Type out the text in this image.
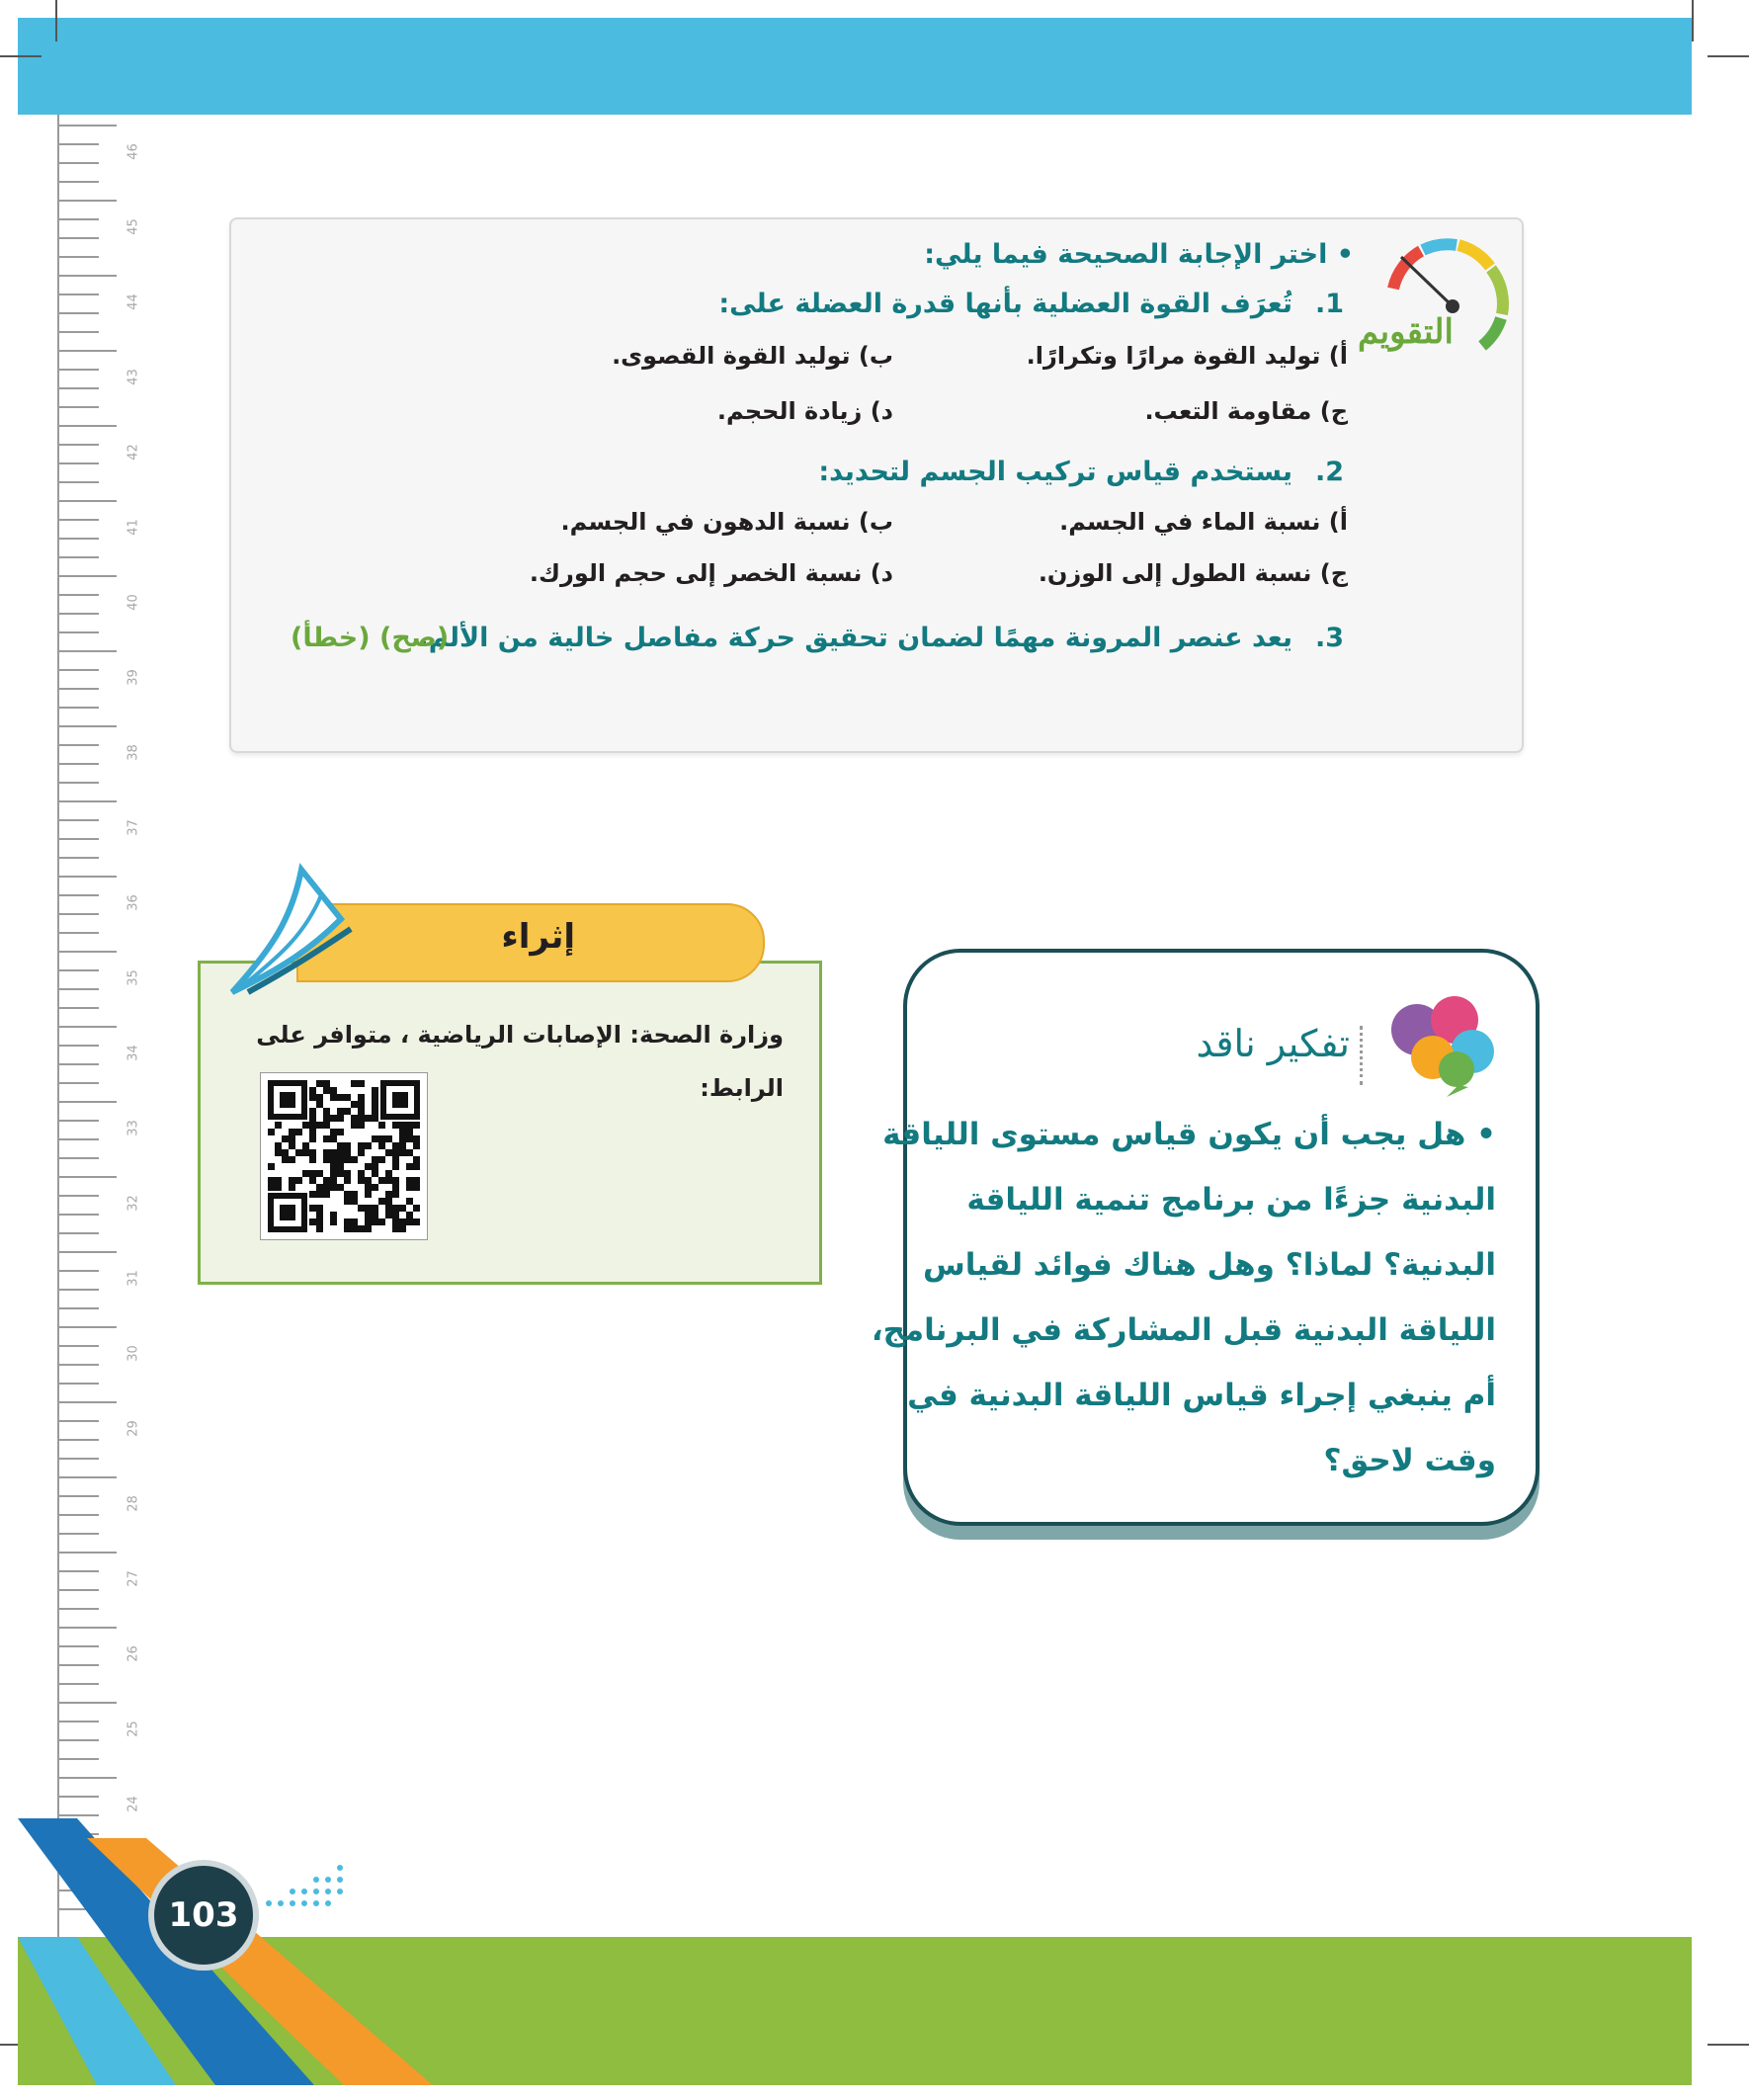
46
45
44
43
42
41
40
39
38
37
36
35
34
33
32
31
30
29
28
27
26
25
24
التقويم
• اختر الإجابة الصحيحة فيما يلي:
1.
تُعرَف القوة العضلية بأنها قدرة العضلة على:
أ) توليد القوة مرارًا وتكرارًا.
ب) توليد القوة القصوى.
ج) مقاومة التعب.
د) زيادة الحجم.
2.
يستخدم قياس تركيب الجسم لتحديد:
أ) نسبة الماء في الجسم.
ب) نسبة الدهون في الجسم.
ج) نسبة الطول إلى الوزن.
د) نسبة الخصر إلى حجم الورك.
3.
يعد عنصر المرونة مهمًا لضمان تحقيق حركة مفاصل خالية من الألم.
(صح) (خطأ)
وزارة الصحة: الإصابات الرياضية ، متوافر على
الرابط:
إثراء
تفكير ناقد
• هل يجب أن يكون قياس مستوى اللياقة
البدنية جزءًا من برنامج تنمية اللياقة
البدنية؟ لماذا؟ وهل هناك فوائد لقياس
اللياقة البدنية قبل المشاركة في البرنامج،
أم ينبغي إجراء قياس اللياقة البدنية في
وقت لاحق؟
103
